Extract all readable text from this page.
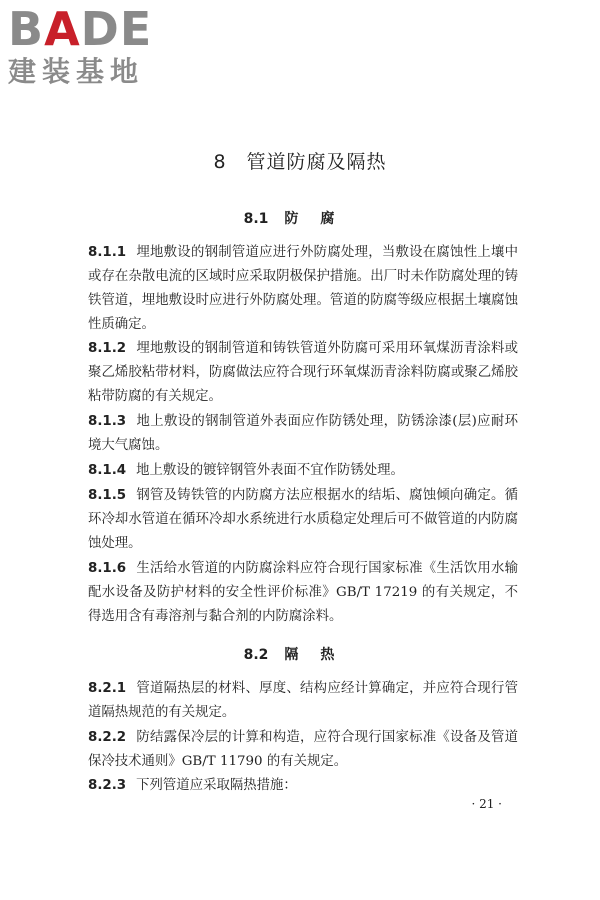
BADE
建装基地
8　管道防腐及隔热
8.1 防腐
8.1.1 埋地敷设的钢制管道应进行外防腐处理，当敷设在腐蚀性上壤中或存在杂散电流的区域时应采取阴极保护措施。出厂时未作防腐处理的铸铁管道，埋地敷设时应进行外防腐处理。管道的防腐等级应根据土壤腐蚀性质确定。
8.1.2 埋地敷设的钢制管道和铸铁管道外防腐可采用环氧煤沥青涂料或聚乙烯胶粘带材料，防腐做法应符合现行环氧煤沥青涂料防腐或聚乙烯胶粘带防腐的有关规定。
8.1.3 地上敷设的钢制管道外表面应作防锈处理，防锈涂漆(层)应耐环境大气腐蚀。
8.1.4 地上敷设的镀锌钢管外表面不宜作防锈处理。
8.1.5 钢管及铸铁管的内防腐方法应根据水的结垢、腐蚀倾向确定。循环冷却水管道在循环冷却水系统进行水质稳定处理后可不做管道的内防腐蚀处理。
8.1.6 生活给水管道的内防腐涂料应符合现行国家标准《生活饮用水输配水设备及防护材料的安全性评价标准》GB/T 17219 的有关规定，不得选用含有毒溶剂与黏合剂的内防腐涂料。
8.2 隔热
8.2.1 管道隔热层的材料、厚度、结构应经计算确定，并应符合现行管道隔热规范的有关规定。
8.2.2 防结露保冷层的计算和构造，应符合现行国家标准《设备及管道保冷技术通则》GB/T 11790 的有关规定。
8.2.3 下列管道应采取隔热措施：
· 21 ·
